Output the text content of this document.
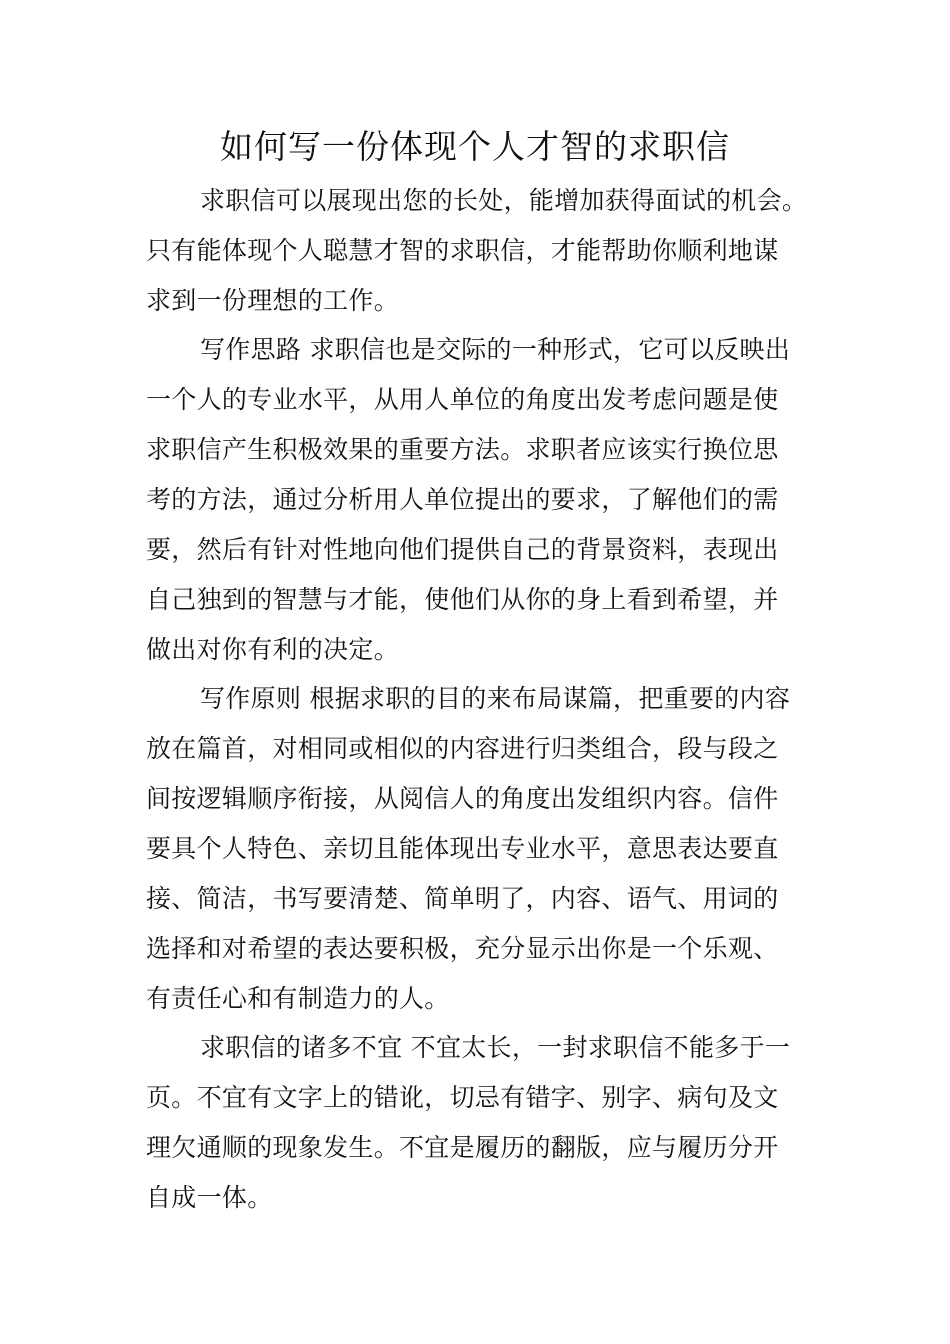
如何写一份体现个人才智的求职信
求职信可以展现出您的长处，能增加获得面试的机会。
只有能体现个人聪慧才智的求职信，才能帮助你顺利地谋
求到一份理想的工作。
写作思路 求职信也是交际的一种形式，它可以反映出
一个人的专业水平，从用人单位的角度出发考虑问题是使
求职信产生积极效果的重要方法。求职者应该实行换位思
考的方法，通过分析用人单位提出的要求，了解他们的需
要，然后有针对性地向他们提供自己的背景资料，表现出
自己独到的智慧与才能，使他们从你的身上看到希望，并
做出对你有利的决定。
写作原则 根据求职的目的来布局谋篇，把重要的内容
放在篇首，对相同或相似的内容进行归类组合，段与段之
间按逻辑顺序衔接，从阅信人的角度出发组织内容。信件
要具个人特色、亲切且能体现出专业水平，意思表达要直
接、简洁，书写要清楚、简单明了，内容、语气、用词的
选择和对希望的表达要积极，充分显示出你是一个乐观、
有责任心和有制造力的人。
求职信的诸多不宜 不宜太长，一封求职信不能多于一
页。不宜有文字上的错讹，切忌有错字、别字、病句及文
理欠通顺的现象发生。不宜是履历的翻版，应与履历分开
自成一体。
